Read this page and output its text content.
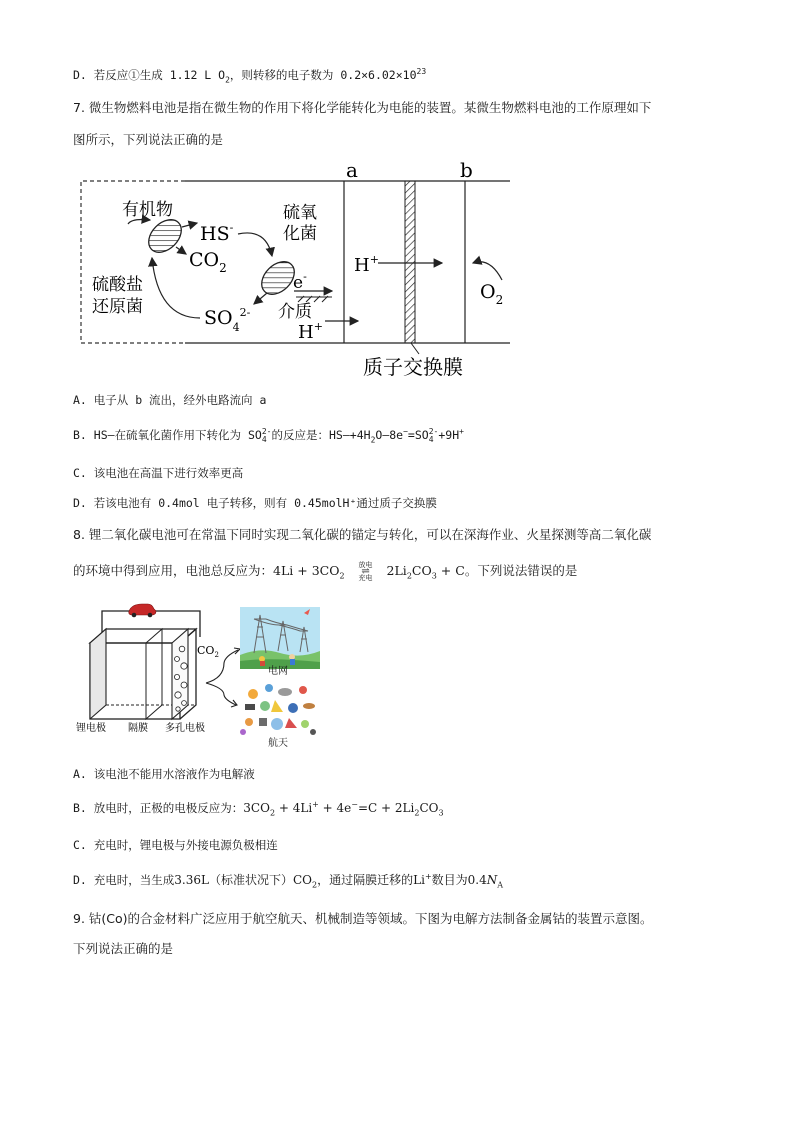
D. 若反应①生成 1.12 L $O_2$，则转移的电子数为 $0.2\times 6.02\times 10^{23}$
7. 微生物燃料电池是指在微生物的作用下将化学能转化为电能的装置。某微生物燃料电池的工作原理如下
图所示，下列说法正确的是
a	b
有机物
HS-
$CO_2$
硫氧
化菌
硫酸盐
还原菌	$SO_4^{2-}$
e-
介质
H+
H+
$O_2$
质子交换膜
A. 电子从 b 流出，经外电路流向 a
B. HS—在硫氧化菌作用下转化为 SO 2-
4 的反应是：$HS—+4H_2O—8e^-=SO$ 2-
4 +9H+
C. 该电池在高温下进行效率更高
D. 若该电池有 0.4mol 电子转移，则有 0.45molH⁺通过质子交换膜
8. 锂二氧化碳电池可在常温下同时实现二氧化碳的锚定与转化，可以在深海作业、火星探测等高二氧化碳
的环境中得到应用，电池总反应为：$4Li + 3CO_2$
放电
⇌
充电	$2Li_2CO_3 + C$。下列说法错误的是
$CO_2$
锂电极 隔膜 多孔电极
电网
航天
A. 该电池不能用水溶液作为电解液
B. 放电时，正极的电极反应为：$3CO_2 + 4Li^+ + 4e^-=C + 2Li_2CO_3$
C. 充电时，锂电极与外接电源负极相连
D. 充电时，当生成3.36L（标准状况下）$CO_2$，通过隔膜迁移的Li+数目为$0.4N_A$
9. 钴(Co)的合金材料广泛应用于航空航天、机械制造等领域。下图为电解方法制备金属钴的装置示意图。
下列说法正确的是
